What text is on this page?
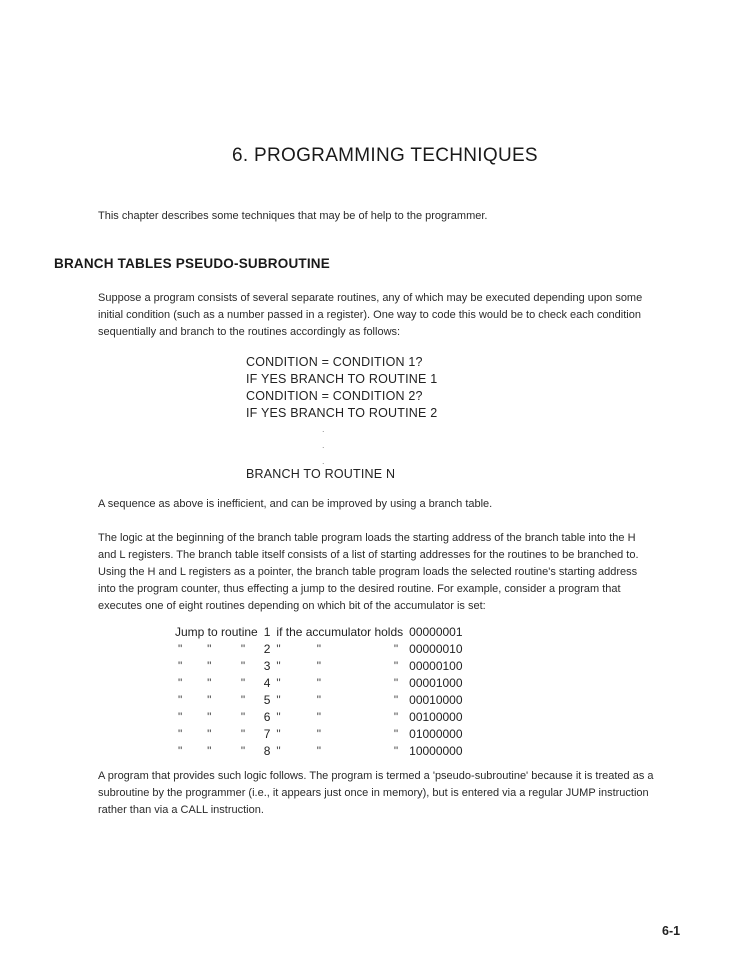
6. PROGRAMMING TECHNIQUES
This chapter describes some techniques that may be of help to the programmer.
BRANCH TABLES PSEUDO-SUBROUTINE
Suppose a program consists of several separate routines, any of which may be executed depending upon some
initial condition (such as a number passed in a register). One way to code this would be to check each condition
sequentially and branch to the routines accordingly as follows:
CONDITION = CONDITION 1?
IF YES BRANCH TO ROUTINE 1
CONDITION = CONDITION 2?
IF YES BRANCH TO ROUTINE 2
.
.
.
BRANCH TO ROUTINE N
A sequence as above is inefficient, and can be improved by using a branch table.
The logic at the beginning of the branch table program loads the starting address of the branch table into the H
and L registers. The branch table itself consists of a list of starting addresses for the routines to be branched to.
Using the H and L registers as a pointer, the branch table program loads the selected routine's starting address
into the program counter, thus effecting a jump to the desired routine. For example, consider a program that
executes one of eight routines depending on which bit of the accumulator is set:
Jump to routine			1	if the accumulator holds			00000001
"	"	"	2	"	"	"	00000010
"	"	"	3	"	"	"	00000100
"	"	"	4	"	"	"	00001000
"	"	"	5	"	"	"	00010000
"	"	"	6	"	"	"	00100000
"	"	"	7	"	"	"	01000000
"	"	"	8	"	"	"	10000000
A program that provides such logic follows. The program is termed a 'pseudo-subroutine' because it is treated as a
subroutine by the programmer (i.e., it appears just once in memory), but is entered via a regular JUMP instruction
rather than via a CALL instruction.
6-1
